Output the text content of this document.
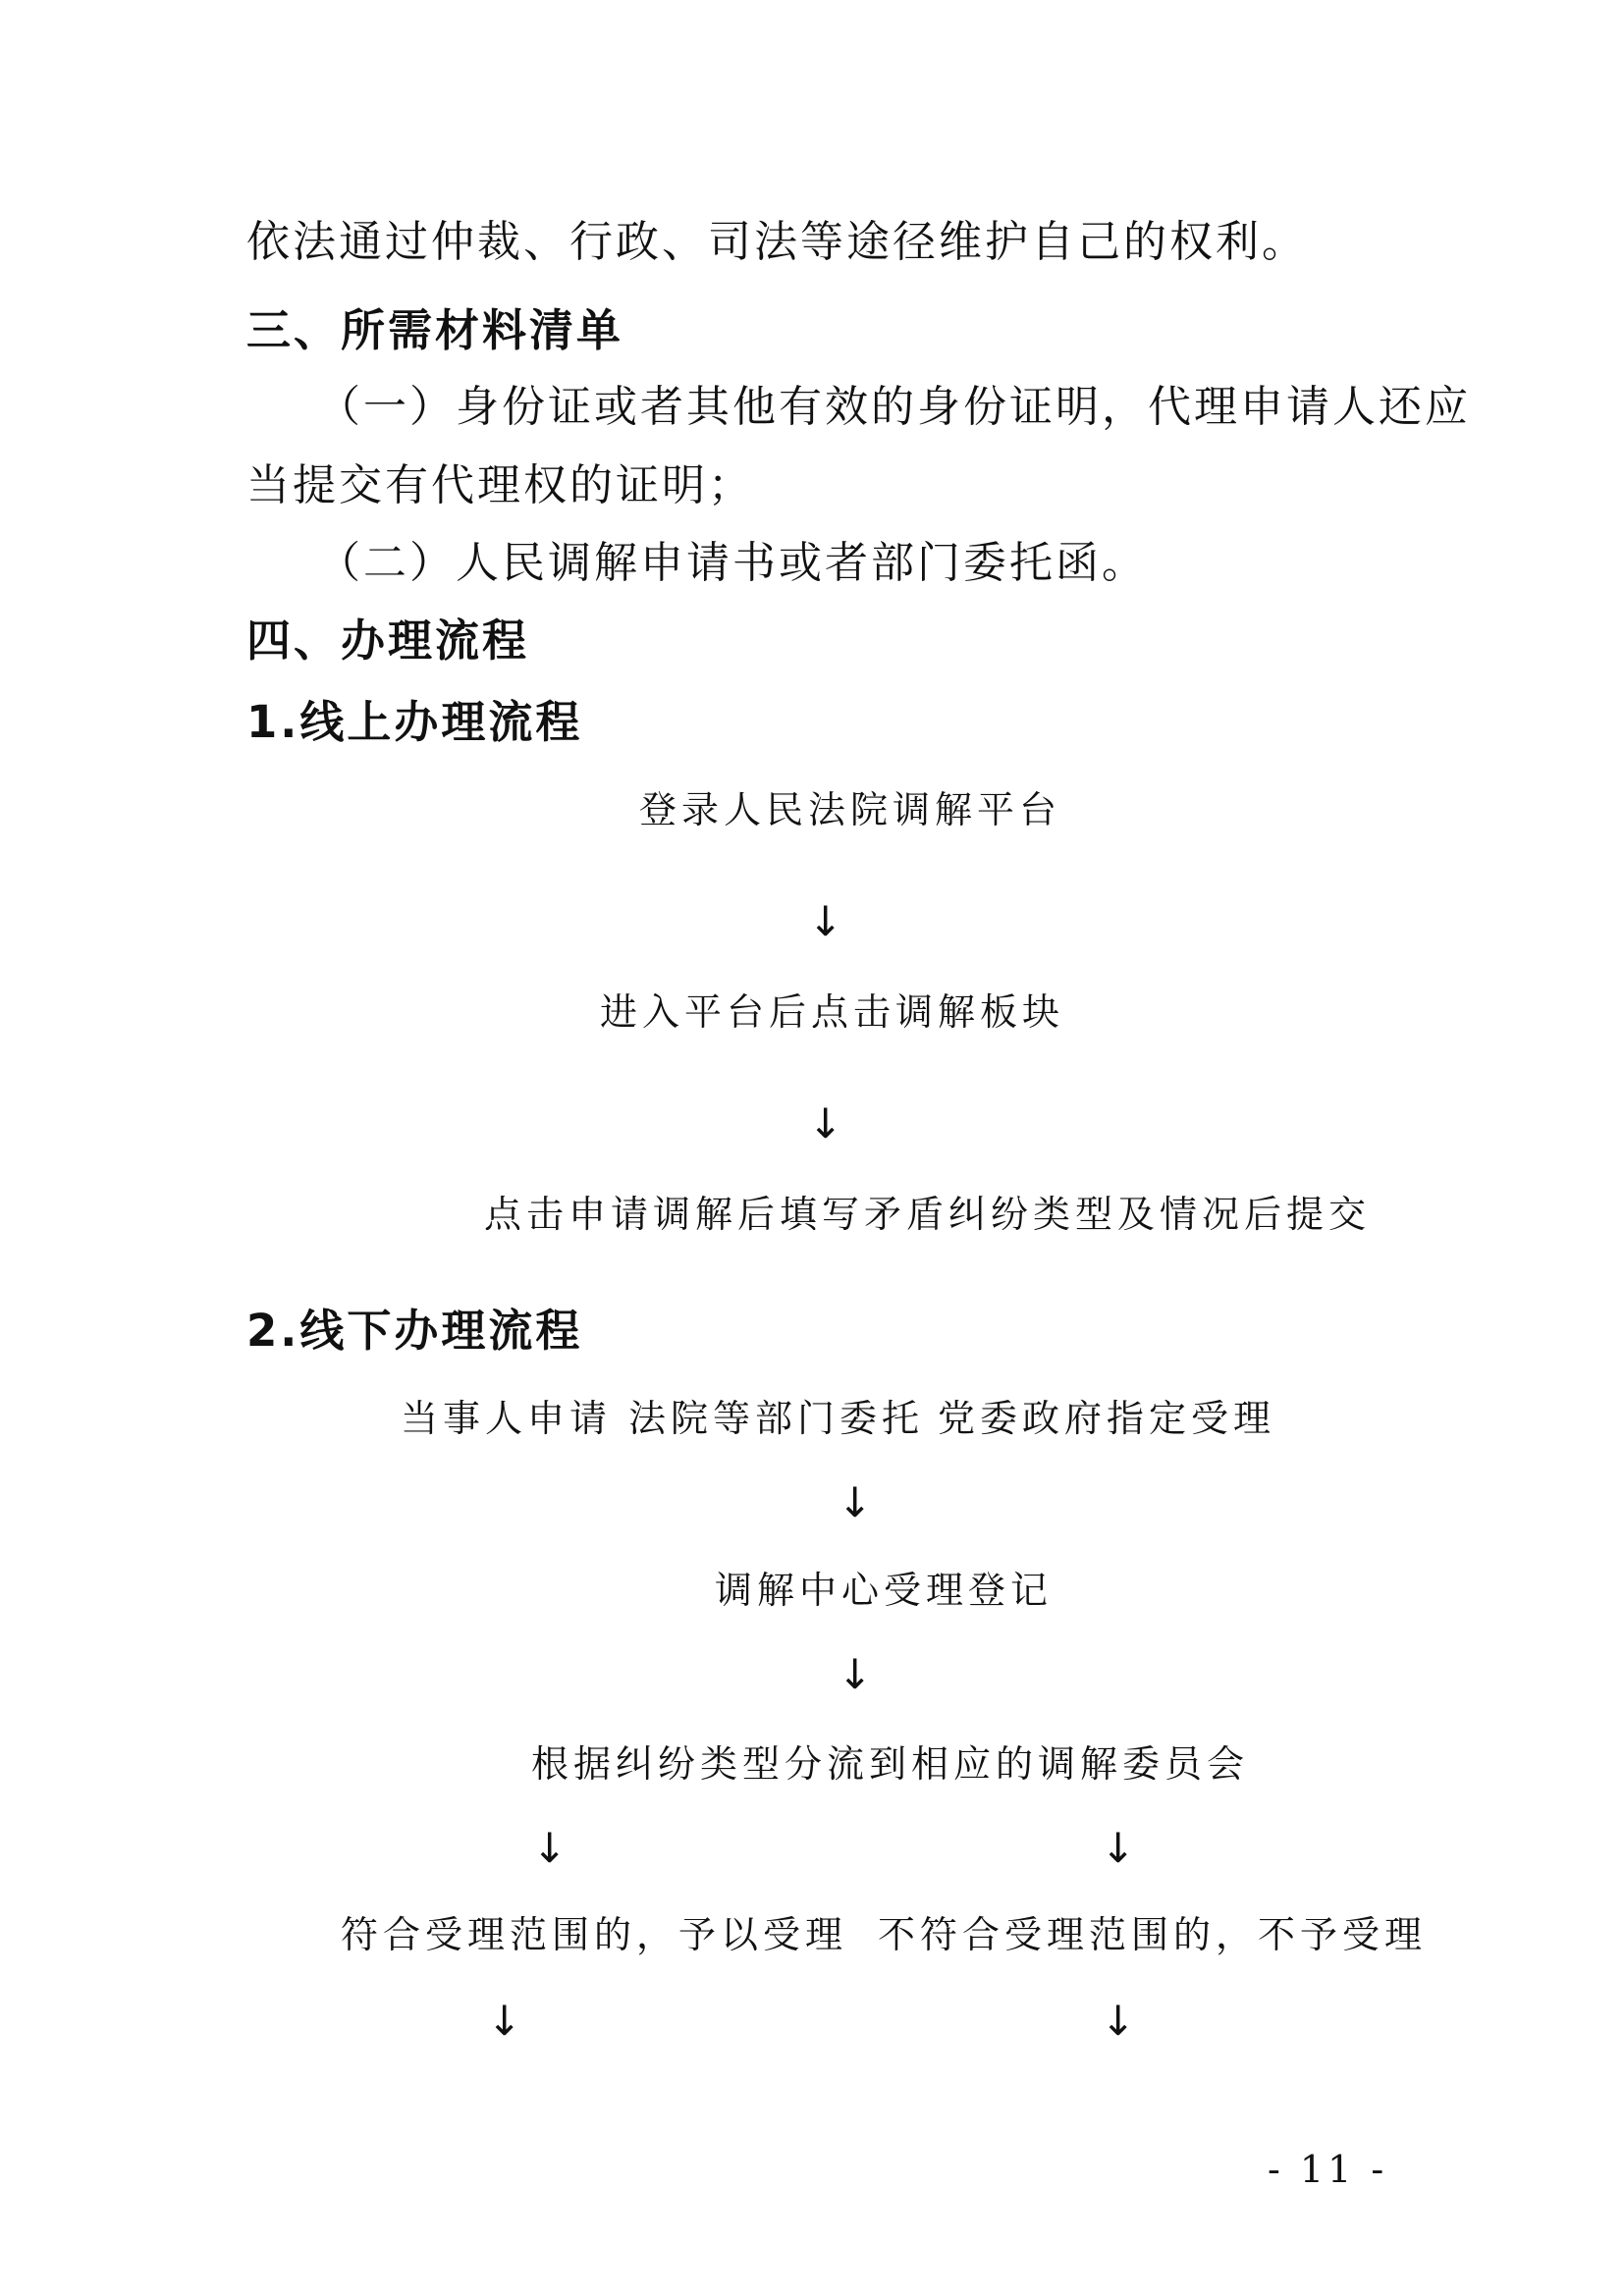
依法通过仲裁、行政、司法等途径维护自己的权利。
三、所需材料清单
（一）身份证或者其他有效的身份证明，代理申请人还应
当提交有代理权的证明；
（二）人民调解申请书或者部门委托函。
四、办理流程
1.线上办理流程
登录人民法院调解平台
↓
进入平台后点击调解板块
↓
点击申请调解后填写矛盾纠纷类型及情况后提交
2.线下办理流程
当事人申请 法院等部门委托 党委政府指定受理
↓
调解中心受理登记
↓
根据纠纷类型分流到相应的调解委员会
↓	↓
符合受理范围的，予以受理 不符合受理范围的，不予受理
↓	↓
- 11 -
